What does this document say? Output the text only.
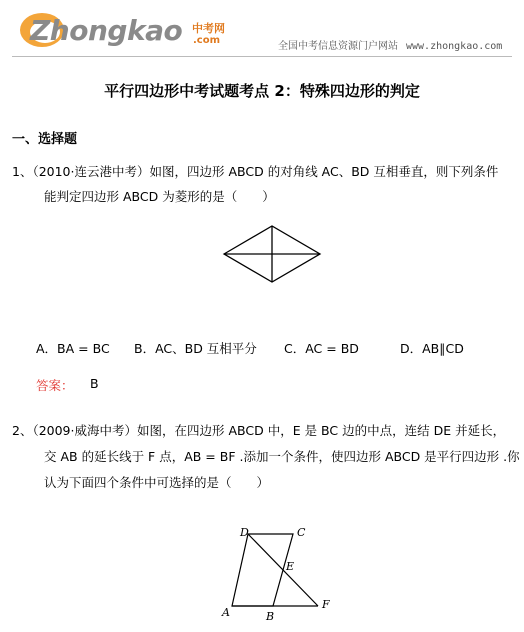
Zhongkao 中考网
.com
全国中考信息资源门户网站 www.zhongkao.com
平行四边形中考试题考点 2：特殊四边形的判定
一、选择题
1、（2010·连云港中考）如图，四边形 ABCD 的对角线 AC、BD 互相垂直，则下列条件
能判定四边形 ABCD 为菱形的是（　　）
A．BA = BC B．AC、BD 互相平分 C．AC = BD	D．AB∥CD
答案： B
2、（2009·威海中考）如图，在四边形 ABCD 中，E 是 BC 边的中点，连结 DE 并延长，
交 AB 的延长线于 F 点，AB = BF .添加一个条件，使四边形 ABCD 是平行四边形 .你
认为下面四个条件中可选择的是（　　）
D	C
E
A	B
F
